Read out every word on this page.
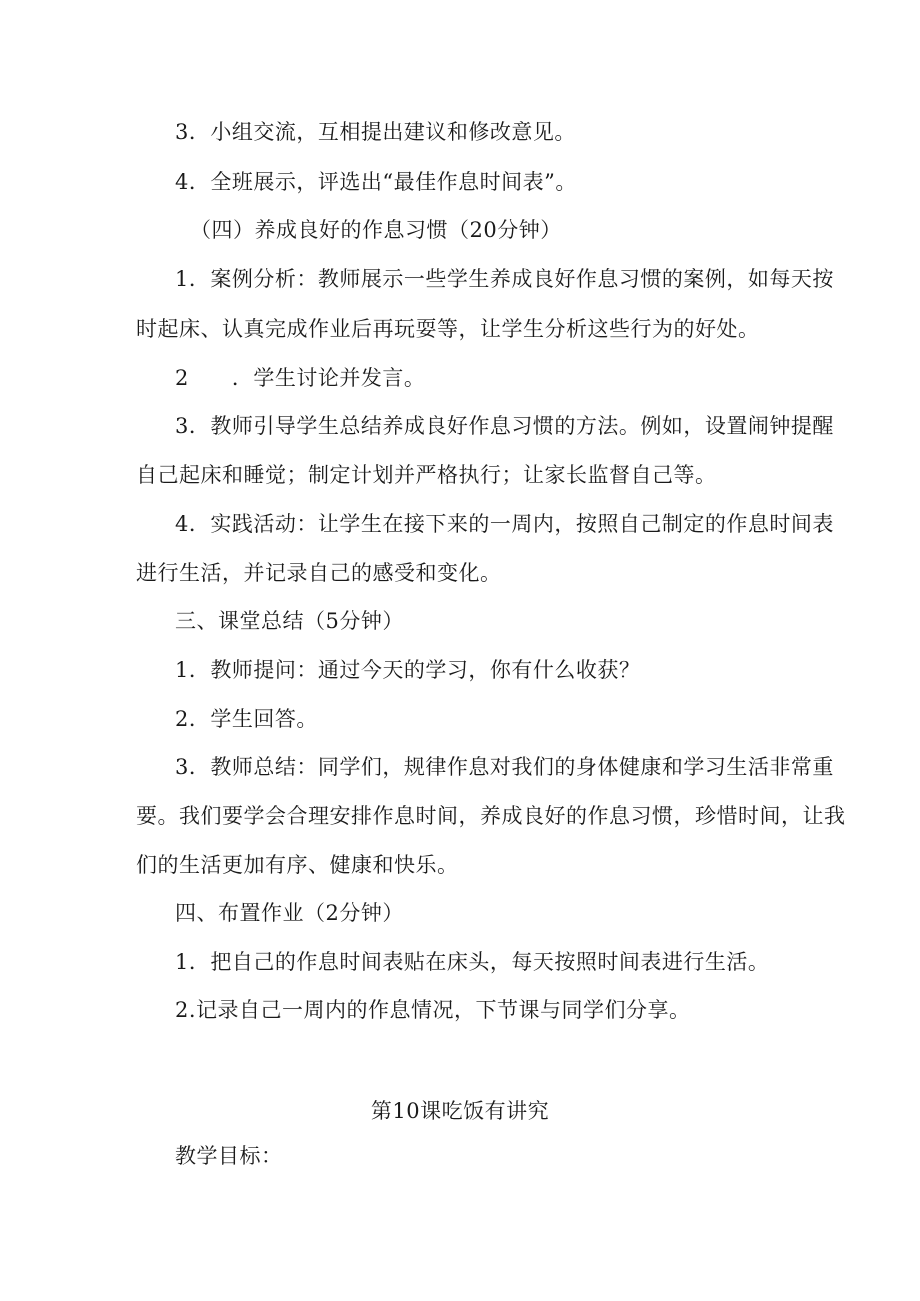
3．小组交流，互相提出建议和修改意见。
4．全班展示，评选出“最佳作息时间表”。
（四）养成良好的作息习惯（20分钟）
1．案例分析：教师展示一些学生养成良好作息习惯的案例，如每天按
时起床、认真完成作业后再玩耍等，让学生分析这些行为的好处。
2　　．学生讨论并发言。
3．教师引导学生总结养成良好作息习惯的方法。例如，设置闹钟提醒
自己起床和睡觉；制定计划并严格执行；让家长监督自己等。
4．实践活动：让学生在接下来的一周内，按照自己制定的作息时间表
进行生活，并记录自己的感受和变化。
三、课堂总结（5分钟）
1．教师提问：通过今天的学习，你有什么收获？
2．学生回答。
3．教师总结：同学们，规律作息对我们的身体健康和学习生活非常重
要。我们要学会合理安排作息时间，养成良好的作息习惯，珍惜时间，让我
们的生活更加有序、健康和快乐。
四、布置作业（2分钟）
1．把自己的作息时间表贴在床头，每天按照时间表进行生活。
2.记录自己一周内的作息情况，下节课与同学们分享。
第10课吃饭有讲究
教学目标：
